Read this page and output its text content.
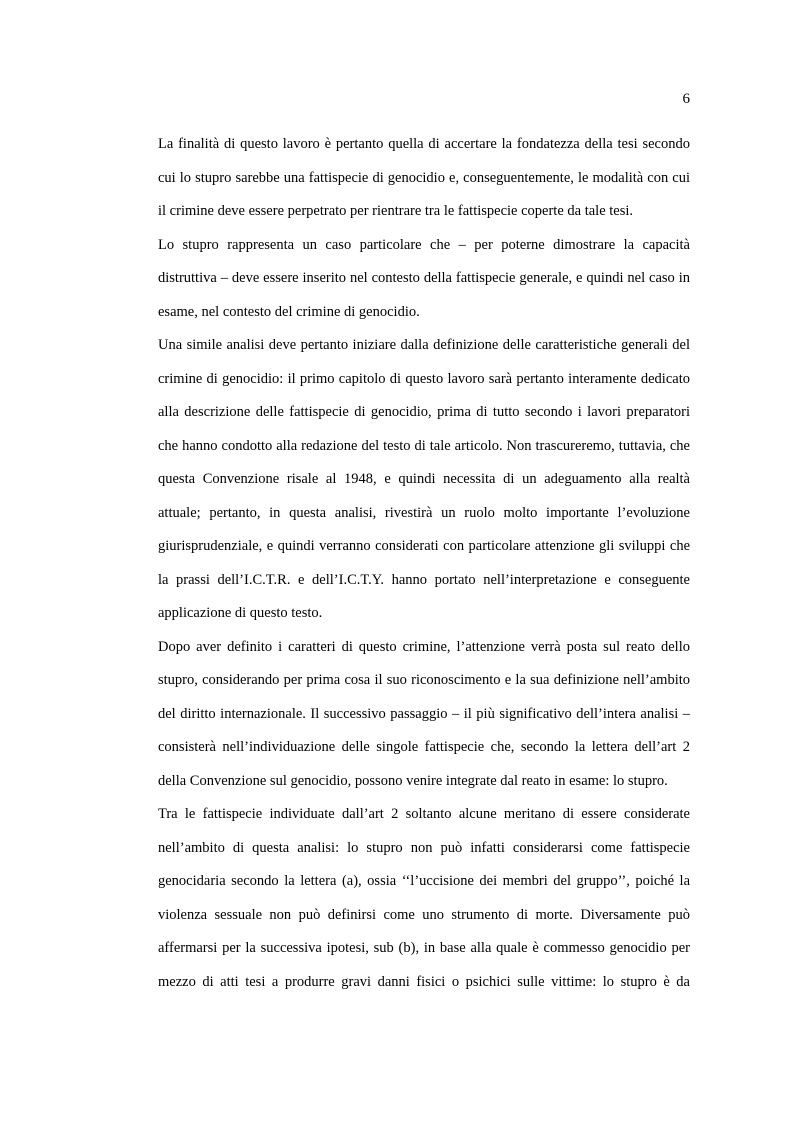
6
La finalità di questo lavoro è pertanto quella di accertare la fondatezza della tesi secondo
cui lo stupro sarebbe una fattispecie di genocidio e, conseguentemente, le modalità con cui
il crimine deve essere perpetrato per rientrare tra le fattispecie coperte da tale tesi.
Lo stupro rappresenta un caso particolare che – per poterne dimostrare la capacità
distruttiva – deve essere inserito nel contesto della fattispecie generale, e quindi nel caso in
esame, nel contesto del crimine di genocidio.
Una simile analisi deve pertanto iniziare dalla definizione delle caratteristiche generali del
crimine di genocidio: il primo capitolo di questo lavoro sarà pertanto interamente dedicato
alla descrizione delle fattispecie di genocidio, prima di tutto secondo i lavori preparatori
che hanno condotto alla redazione del testo di tale articolo. Non trascureremo, tuttavia, che
questa Convenzione risale al 1948, e quindi necessita di un adeguamento alla realtà
attuale; pertanto, in questa analisi, rivestirà un ruolo molto importante l’evoluzione
giurisprudenziale, e quindi verranno considerati con particolare attenzione gli sviluppi che
la prassi dell’I.C.T.R. e dell’I.C.T.Y. hanno portato nell’interpretazione e conseguente
applicazione di questo testo.
Dopo aver definito i caratteri di questo crimine, l’attenzione verrà posta sul reato dello
stupro, considerando per prima cosa il suo riconoscimento e la sua definizione nell’ambito
del diritto internazionale. Il successivo passaggio – il più significativo dell’intera analisi –
consisterà nell’individuazione delle singole fattispecie che, secondo la lettera dell’art 2
della Convenzione sul genocidio, possono venire integrate dal reato in esame: lo stupro.
Tra le fattispecie individuate dall’art 2 soltanto alcune meritano di essere considerate
nell’ambito di questa analisi: lo stupro non può infatti considerarsi come fattispecie
genocidaria secondo la lettera (a), ossia ‘‘l’uccisione dei membri del gruppo’’, poiché la
violenza sessuale non può definirsi come uno strumento di morte. Diversamente può
affermarsi per la successiva ipotesi, sub (b), in base alla quale è commesso genocidio per
mezzo di atti tesi a produrre gravi danni fisici o psichici sulle vittime: lo stupro è da
